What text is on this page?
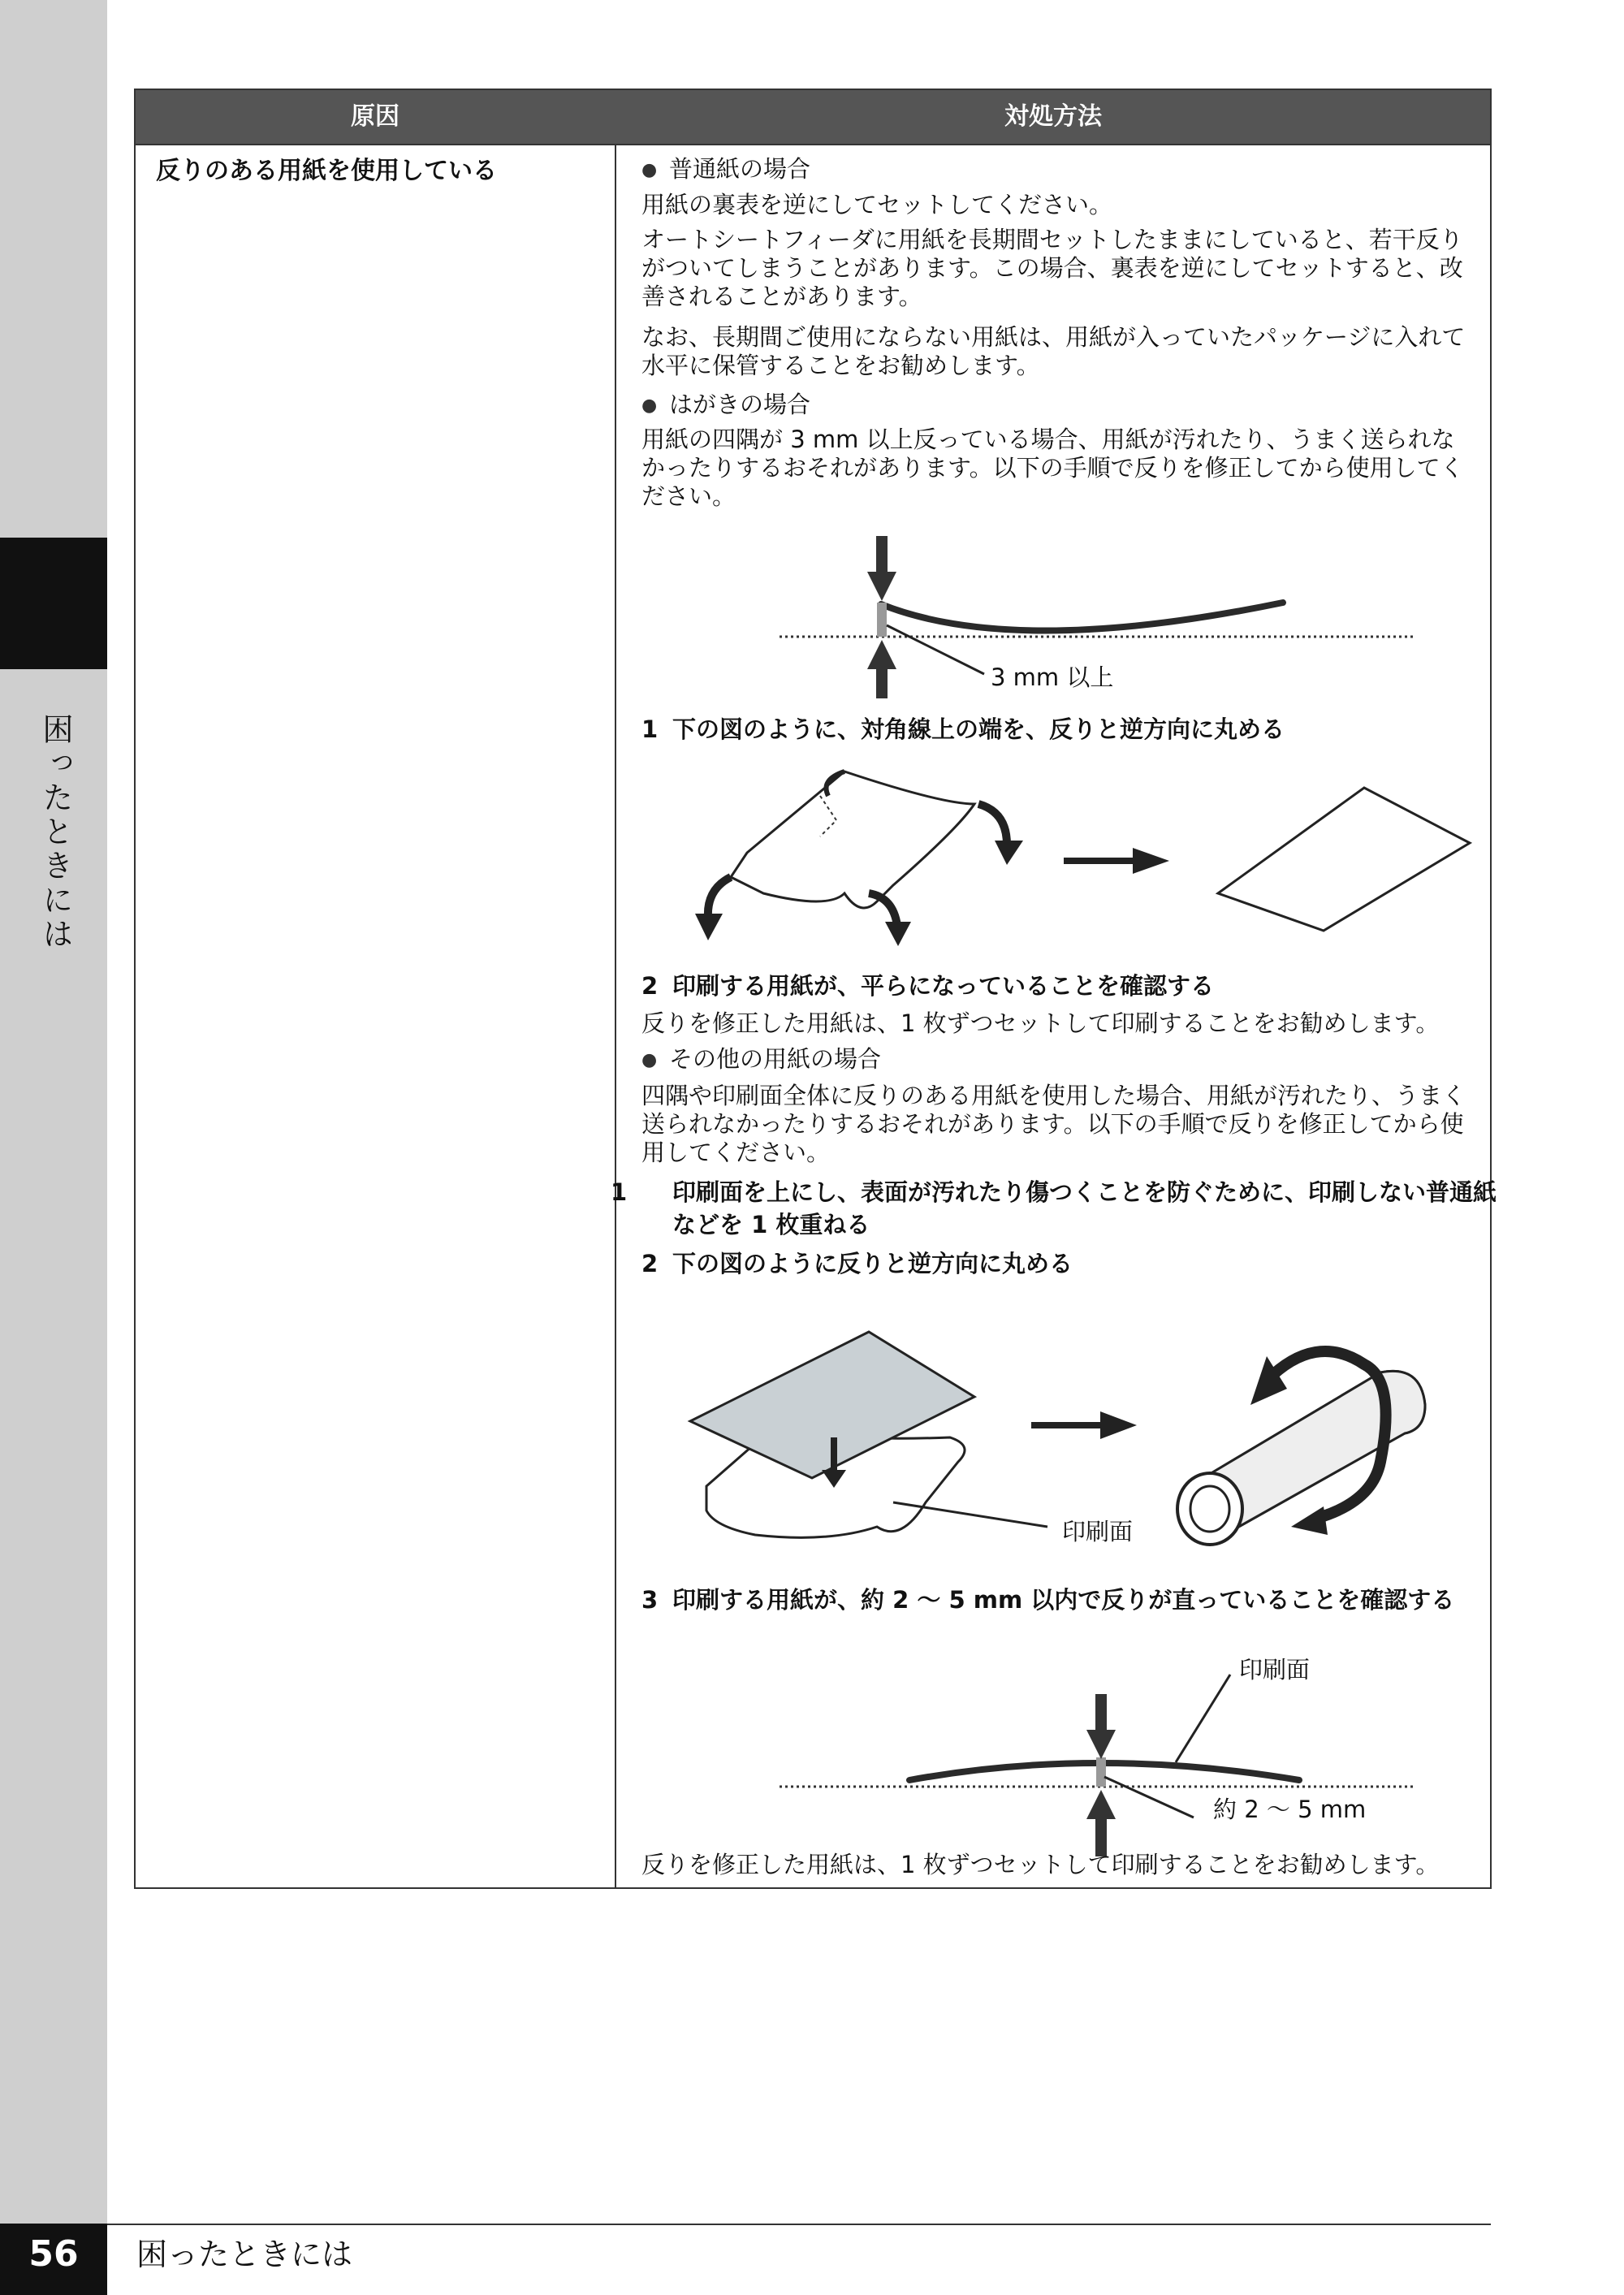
困ったときには
原因	対処方法
反りのある用紙を使用している

●	普通紙の場合

用紙の裏表を逆にしてセットしてください。

オートシートフィーダに用紙を長期間セットしたままにしていると、若干反りがついてしまうことがあります。この場合、裏表を逆にしてセットすると、改善されることがあります。

なお、長期間ご使用にならない用紙は、用紙が入っていたパッケージに入れて水平に保管することをお勧めします。

● はがきの場合

用紙の四隅が 3 mm 以上反っている場合、用紙が汚れたり、うまく送られなかったりするおそれがあります。以下の手順で反りを修正してから使用してください。

3 mm 以上

1 下の図のように、対角線上の端を、反りと逆方向に丸める

2 印刷する用紙が、平らになっていることを確認する

反りを修正した用紙は、1 枚ずつセットして印刷することをお勧めします。

● その他の用紙の場合

四隅や印刷面全体に反りのある用紙を使用した場合、用紙が汚れたり、うまく送られなかったりするおそれがあります。以下の手順で反りを修正してから使用してください。

1 印刷面を上にし、表面が汚れたり傷つくことを防ぐために、印刷しない普通紙などを 1 枚重ねる

2 下の図のように反りと逆方向に丸める

印刷面

3 印刷する用紙が、約 2 〜 5 mm 以内で反りが直っていることを確認する

印刷面
約 2 〜 5 mm

反りを修正した用紙は、1 枚ずつセットして印刷することをお勧めします。

56	困ったときには
